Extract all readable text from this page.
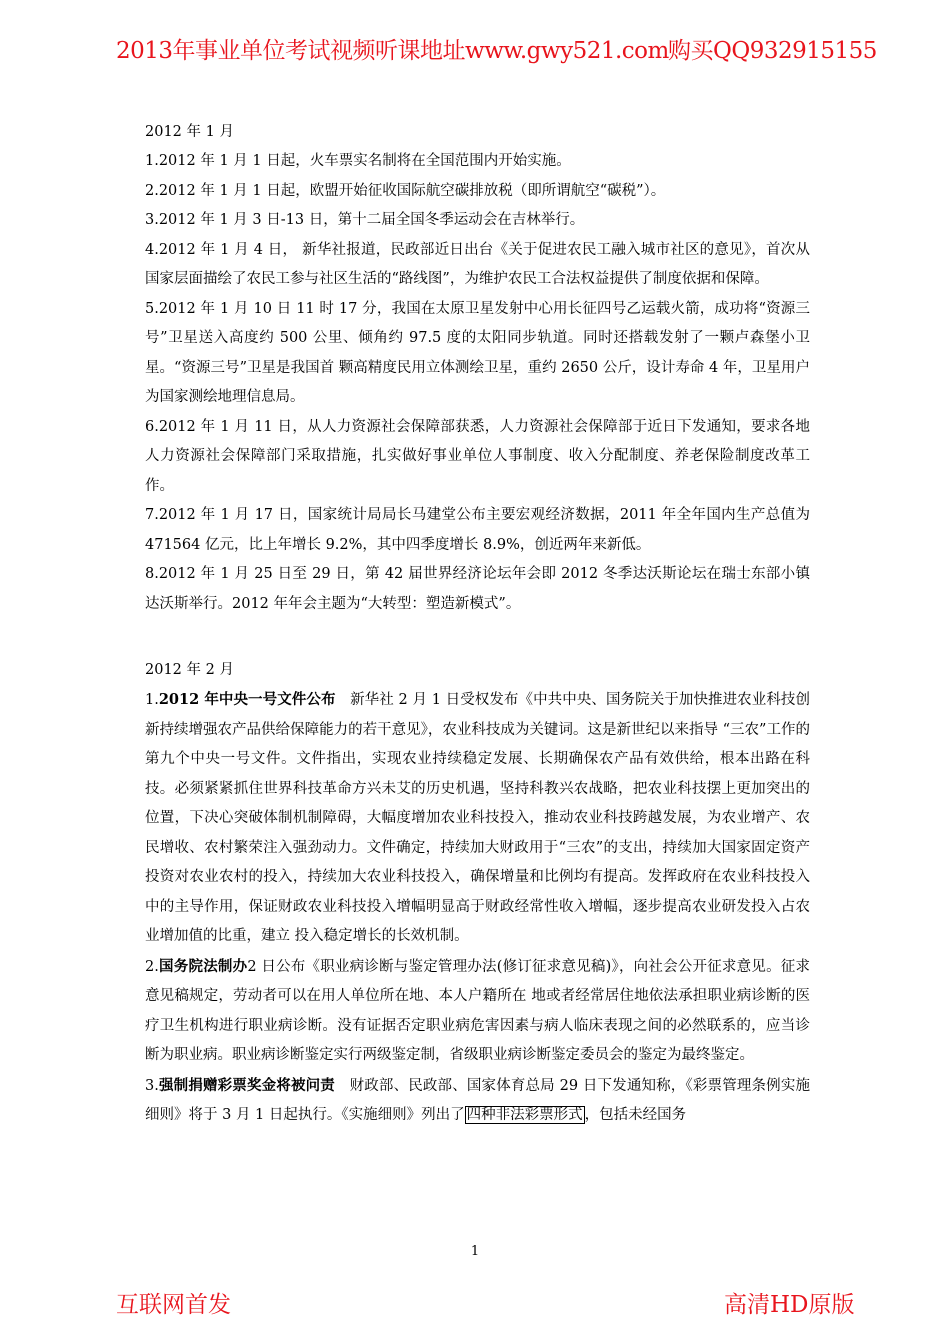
2013年事业单位考试视频听课地址www.gwy521.com 购买QQ932915155
2012 年 1 月

1.2012 年 1 月 1 日起，火车票实名制将在全国范围内开始实施。

2.2012 年 1 月 1 日起，欧盟开始征收国际航空碳排放税（即所谓航空“碳税”）。

3.2012 年 1 月 3 日-13 日，第十二届全国冬季运动会在吉林举行。

4.2012 年 1 月 4 日， 新华社报道，民政部近日出台《关于促进农民工融入城市社区的意见》，首次从国家层面描绘了农民工参与社区生活的“路线图”，为维护农民工合法权益提供了制度依据和保障。

5.2012 年 1 月 10 日 11 时 17 分，我国在太原卫星发射中心用长征四号乙运载火箭，成功将“资源三号”卫星送入高度约 500 公里、倾角约 97.5 度的太阳同步轨道。同时还搭载发射了一颗卢森堡小卫星。“资源三号”卫星是我国首 颗高精度民用立体测绘卫星，重约 2650 公斤，设计寿命 4 年，卫星用户为国家测绘地理信息局。

6.2012 年 1 月 11 日，从人力资源社会保障部获悉，人力资源社会保障部于近日下发通知，要求各地人力资源社会保障部门采取措施，扎实做好事业单位人事制度、收入分配制度、养老保险制度改革工作。

7.2012 年 1 月 17 日，国家统计局局长马建堂公布主要宏观经济数据，2011 年全年国内生产总值为 471564 亿元，比上年增长 9.2%，其中四季度增长 8.9%，创近两年来新低。

8.2012 年 1 月 25 日至 29 日，第 42 届世界经济论坛年会即 2012 冬季达沃斯论坛在瑞士东部小镇达沃斯举行。2012 年年会主题为“大转型：塑造新模式”。

2012 年 2 月

1.2012 年中央一号文件公布　新华社 2 月 1 日受权发布《中共中央、国务院关于加快推进农业科技创新持续增强农产品供给保障能力的若干意见》，农业科技成为关键词。这是新世纪以来指导 “三农”工作的第九个中央一号文件。文件指出，实现农业持续稳定发展、长期确保农产品有效供给，根本出路在科技。必须紧紧抓住世界科技革命方兴未艾的历史机遇，坚持科教兴农战略，把农业科技摆上更加突出的位置，下决心突破体制机制障碍，大幅度增加农业科技投入，推动农业科技跨越发展，为农业增产、农民增收、农村繁荣注入强劲动力。文件确定，持续加大财政用于“三农”的支出，持续加大国家固定资产投资对农业农村的投入，持续加大农业科技投入，确保增量和比例均有提高。发挥政府在农业科技投入中的主导作用，保证财政农业科技投入增幅明显高于财政经常性收入增幅，逐步提高农业研发投入占农业增加值的比重，建立 投入稳定增长的长效机制。

2.国务院法制办2 日公布《职业病诊断与鉴定管理办法(修订征求意见稿)》，向社会公开征求意见。征求意见稿规定，劳动者可以在用人单位所在地、本人户籍所在 地或者经常居住地依法承担职业病诊断的医疗卫生机构进行职业病诊断。没有证据否定职业病危害因素与病人临床表现之间的必然联系的，应当诊断为职业病。职业病诊断鉴定实行两级鉴定制，省级职业病诊断鉴定委员会的鉴定为最终鉴定。

3.强制捐赠彩票奖金将被问责　财政部、民政部、国家体育总局 29 日下发通知称，《彩票管理条例实施细则》将于 3 月 1 日起执行。《实施细则》列出了 四种非法彩票形式 ，包括未经国务

1
互联网首发	高清HD原版
